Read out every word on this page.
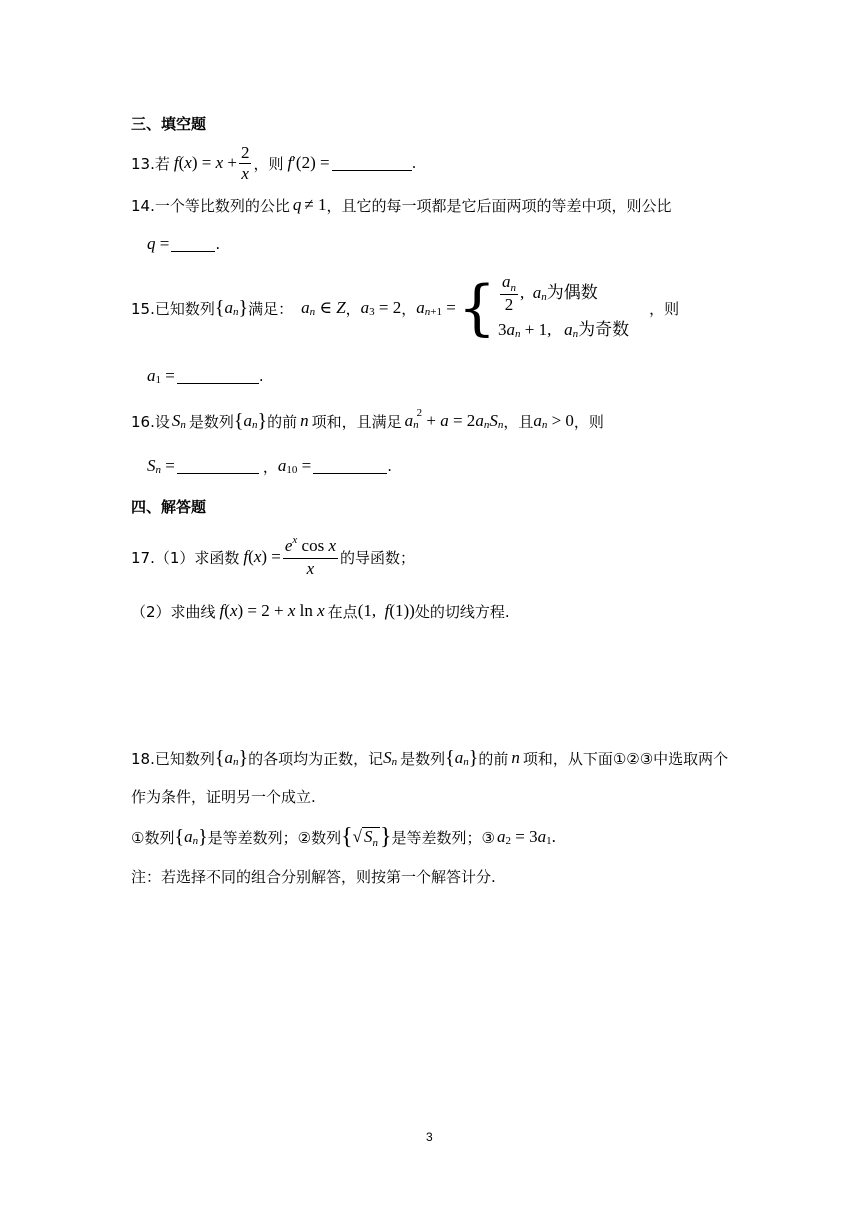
三、填空题
13.若 f ( x ) = $x + \frac{2}{x}$ ，则 f ′(2) =	.
14.一个等比数列的公比 q ≠ 1 ，且它的每一项都是它后面两项的等差中项，则公比
q =	.
15.已知数列 { a n } 满足： a n ∈ Z ， a 3 = 2 ， a n +1 = { $\frac{a_n}{2}$ , a n 为偶数
3 a n + 1, a n 为奇数
，则
a 1 =	.
16.设 S n 是数列 { a n } 的前 n 项和，且满足 a n
2 + a = 2 a n S n ，且 a n > 0 ，则
S n =	， a 10 =	.
四、解答题
17.（1）求函数 f ( x ) = $\frac{e^x \cos x}{x}$ 的导函数；
（2）求曲线 f ( x ) = 2 + x ln x 在点 (1, f (1)) 处的切线方程.
18.已知数列 { a n } 的各项均为正数，记 S n 是数列 { a n } 的前 n 项和，从下面①②③中选取两个
作为条件，证明另一个成立.
①数列 { a n } 是等差数列；②数列 { √ $S_n$ } 是等差数列；③ a 2 = 3 a 1 .
注：若选择不同的组合分别解答，则按第一个解答计分.
3
